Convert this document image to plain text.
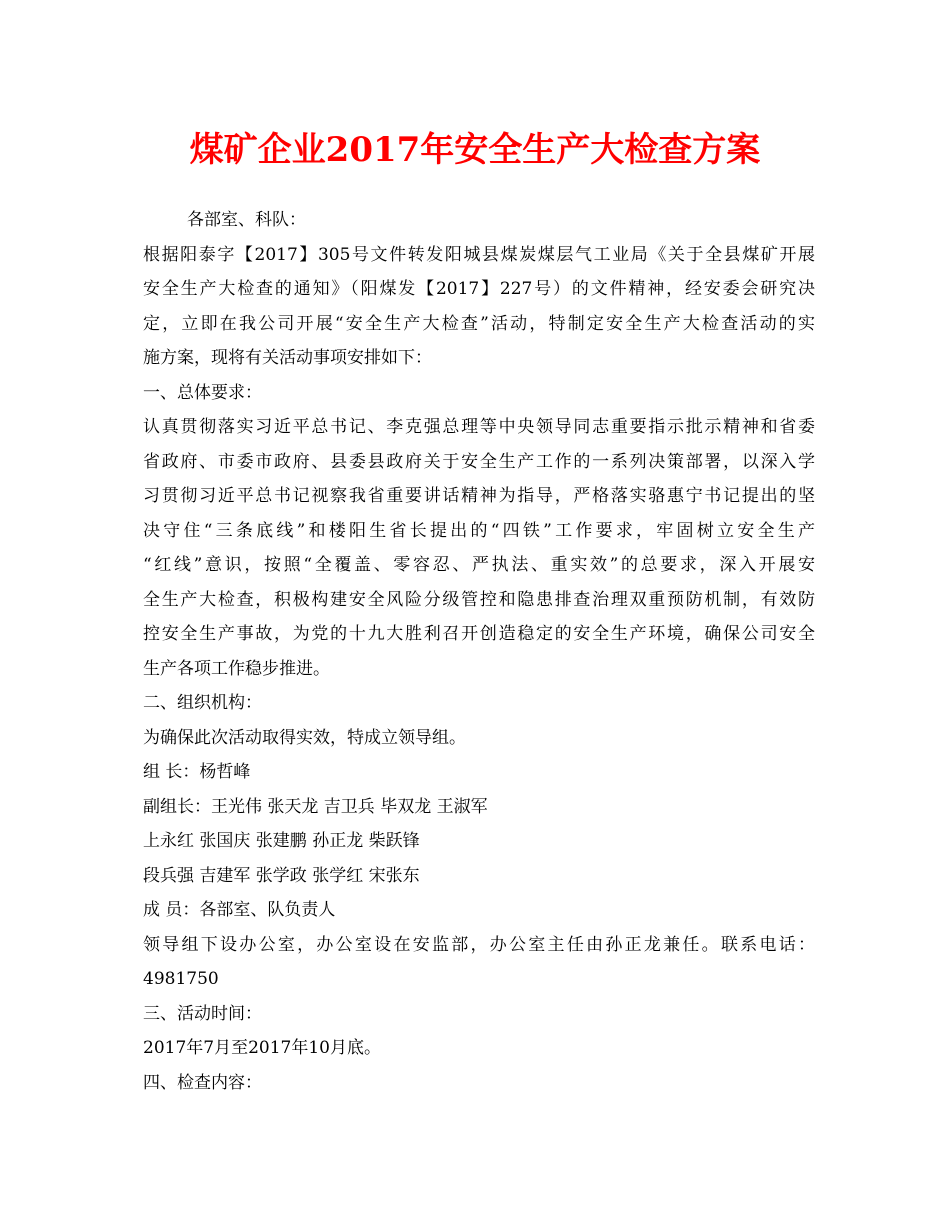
煤矿企业2017年安全生产大检查方案
各部室、科队：
根据阳泰字【2017】305号文件转发阳城县煤炭煤层气工业局《关于全县煤矿开展
安全生产大检查的通知》（阳煤发【2017】227号）的文件精神，经安委会研究决
定，立即在我公司开展“安全生产大检查”活动，特制定安全生产大检查活动的实
施方案，现将有关活动事项安排如下：
一、总体要求：
认真贯彻落实习近平总书记、李克强总理等中央领导同志重要指示批示精神和省委
省政府、市委市政府、县委县政府关于安全生产工作的一系列决策部署，以深入学
习贯彻习近平总书记视察我省重要讲话精神为指导，严格落实骆惠宁书记提出的坚
决守住“三条底线”和楼阳生省长提出的“四铁”工作要求，牢固树立安全生产
“红线”意识，按照“全覆盖、零容忍、严执法、重实效”的总要求，深入开展安
全生产大检查，积极构建安全风险分级管控和隐患排查治理双重预防机制，有效防
控安全生产事故，为党的十九大胜利召开创造稳定的安全生产环境，确保公司安全
生产各项工作稳步推进。
二、组织机构：
为确保此次活动取得实效，特成立领导组。
组 长：杨哲峰
副组长：王光伟 张天龙 吉卫兵 毕双龙 王淑军
上永红 张国庆 张建鹏 孙正龙 柴跃锋
段兵强 吉建军 张学政 张学红 宋张东
成 员：各部室、队负责人
领导组下设办公室，办公室设在安监部，办公室主任由孙正龙兼任。联系电话：
4981750
三、活动时间：
2017年7月至2017年10月底。
四、检查内容：
